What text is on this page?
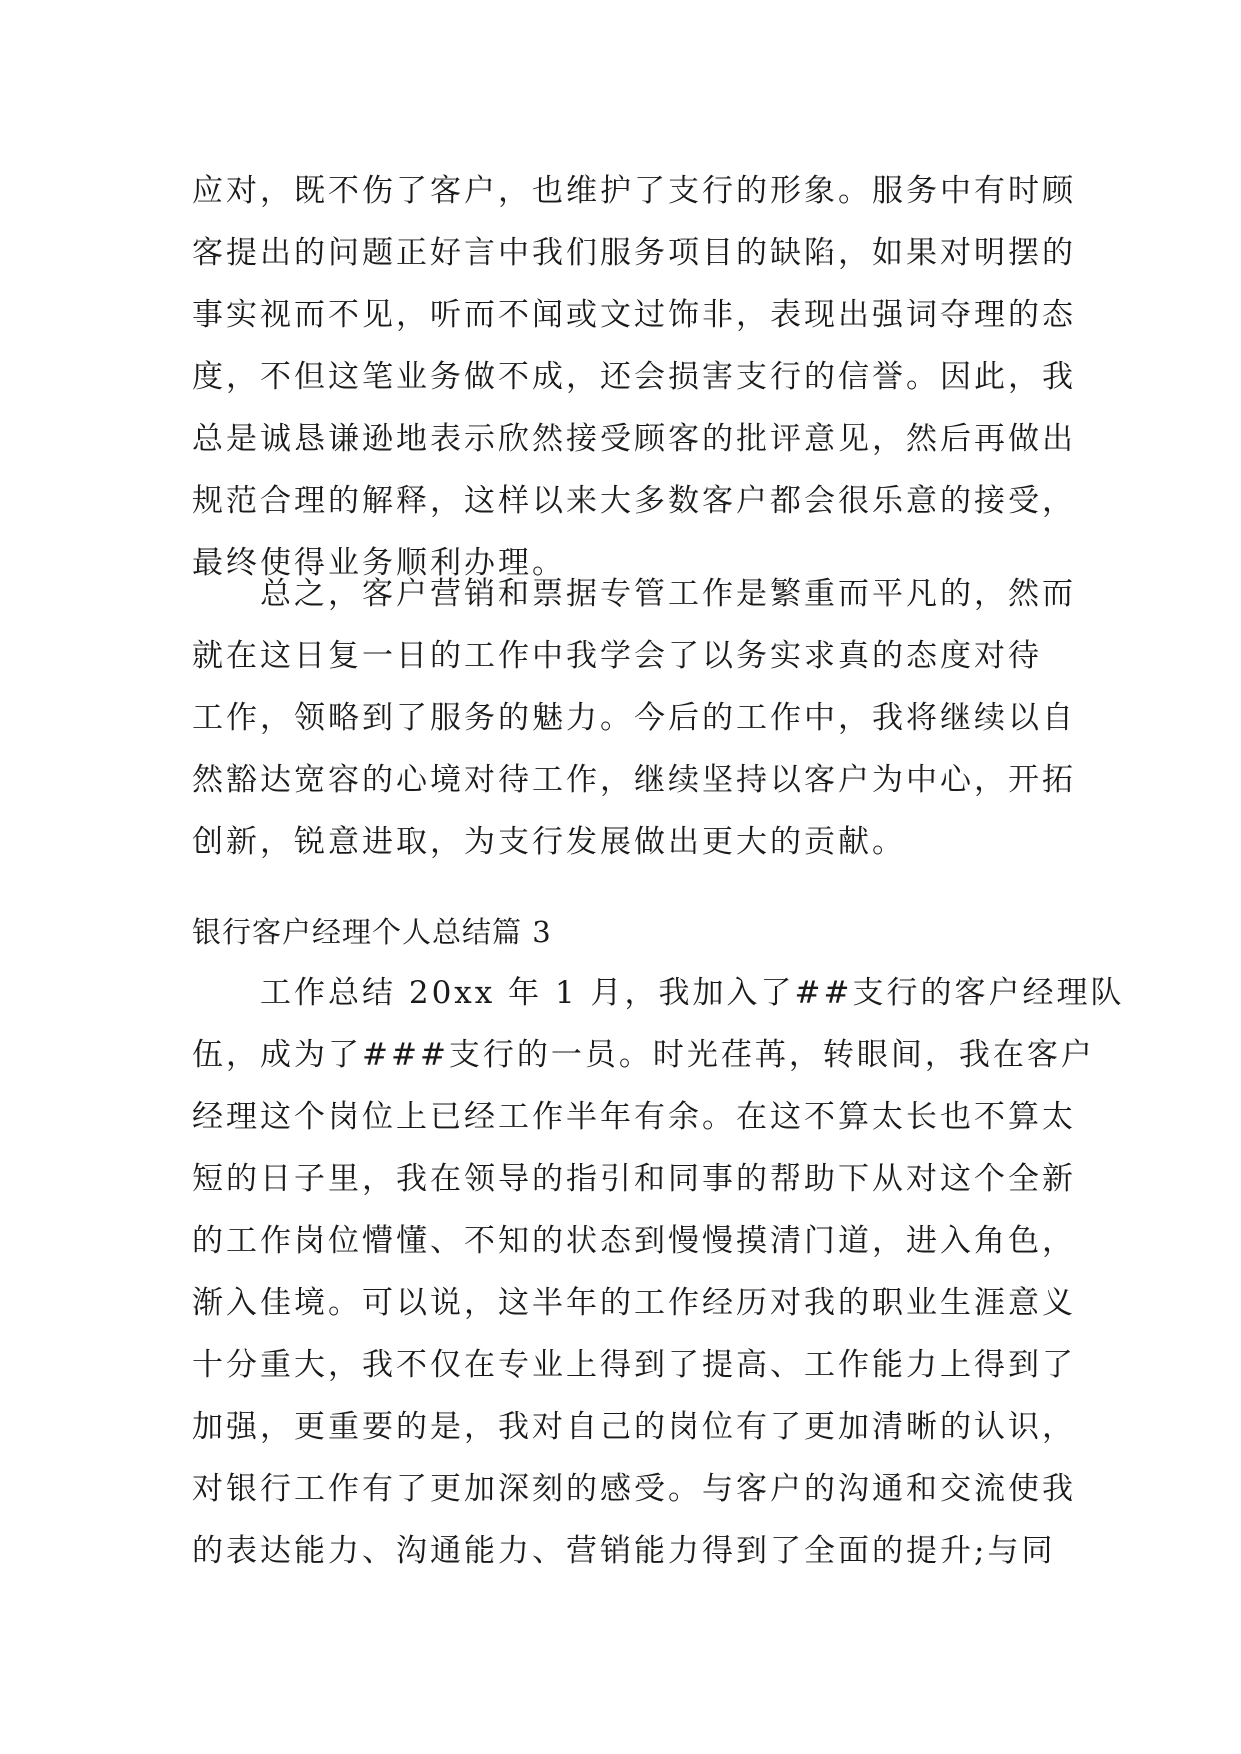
应对，既不伤了客户，也维护了支行的形象。服务中有时顾
客提出的问题正好言中我们服务项目的缺陷，如果对明摆的
事实视而不见，听而不闻或文过饰非，表现出强词夺理的态
度，不但这笔业务做不成，还会损害支行的信誉。因此，我
总是诚恳谦逊地表示欣然接受顾客的批评意见，然后再做出
规范合理的解释，这样以来大多数客户都会很乐意的接受，
最终使得业务顺利办理。
总之，客户营销和票据专管工作是繁重而平凡的，然而
就在这日复一日的工作中我学会了以务实求真的态度对待
工作，领略到了服务的魅力。今后的工作中，我将继续以自
然豁达宽容的心境对待工作，继续坚持以客户为中心，开拓
创新，锐意进取，为支行发展做出更大的贡献。
银行客户经理个人总结篇 3
工作总结 20xx 年 1 月，我加入了##支行的客户经理队
伍，成为了###支行的一员。时光荏苒，转眼间，我在客户
经理这个岗位上已经工作半年有余。在这不算太长也不算太
短的日子里，我在领导的指引和同事的帮助下从对这个全新
的工作岗位懵懂、不知的状态到慢慢摸清门道，进入角色，
渐入佳境。可以说，这半年的工作经历对我的职业生涯意义
十分重大，我不仅在专业上得到了提高、工作能力上得到了
加强，更重要的是，我对自己的岗位有了更加清晰的认识，
对银行工作有了更加深刻的感受。与客户的沟通和交流使我
的表达能力、沟通能力、营销能力得到了全面的提升;与同
